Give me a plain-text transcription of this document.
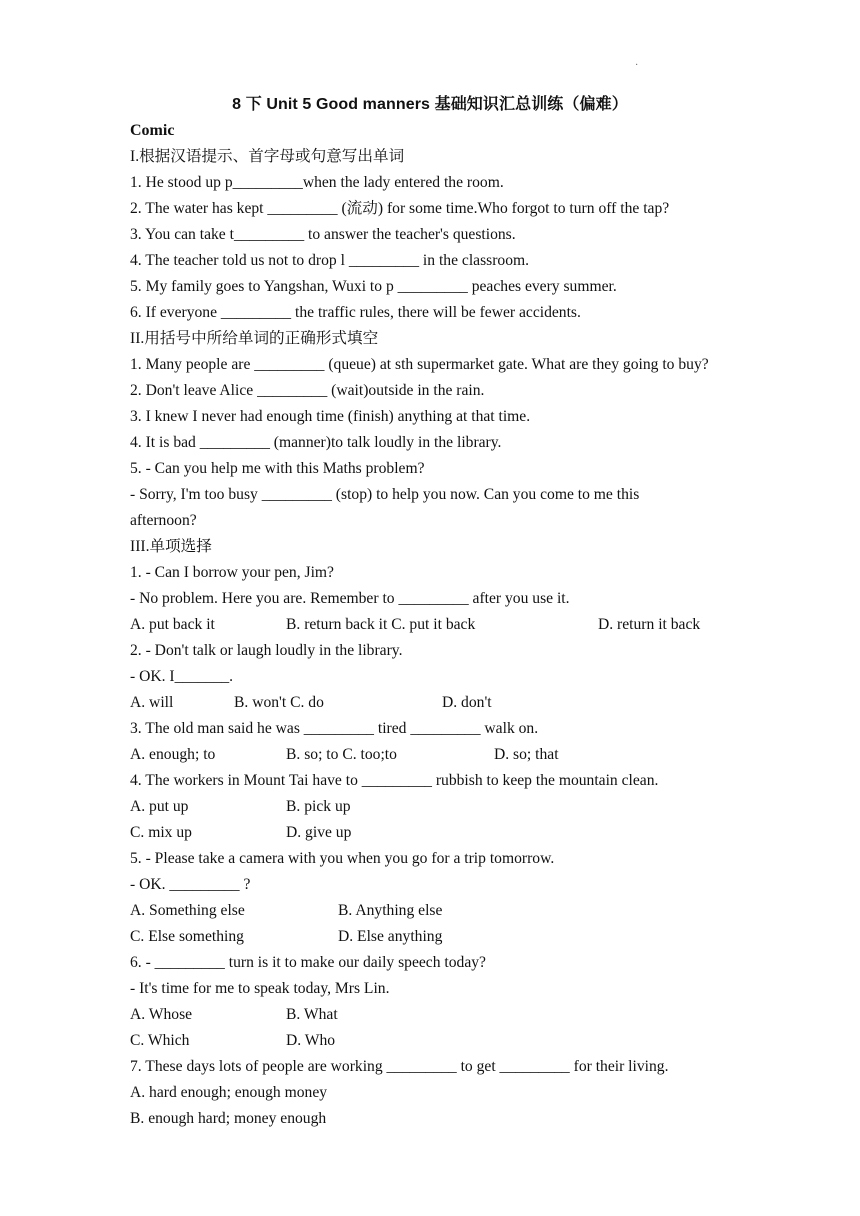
·
8 下 Unit 5 Good manners 基础知识汇总训练（偏难）
Comic
I.根据汉语提示、首字母或句意写出单词
1. He stood up p_________when the lady entered the room.
2. The water has kept _________ (流动) for some time.Who forgot to turn off the tap?
3. You can take t_________ to answer the teacher's questions.
4. The teacher told us not to drop l _________ in the classroom.
5. My family goes to Yangshan, Wuxi to p _________ peaches every summer.
6. If everyone _________ the traffic rules, there will be fewer accidents.
II.用括号中所给单词的正确形式填空
1. Many people are _________ (queue) at sth supermarket gate. What are they going to buy?
2. Don't leave Alice _________ (wait)outside in the rain.
3. I knew I never had enough time (finish) anything at that time.
4. It is bad _________ (manner)to talk loudly in the library.
5. - Can you help me with this Maths problem?
- Sorry, I'm too busy _________ (stop) to help you now. Can you come to me this
afternoon?
III.单项选择
1. - Can I borrow your pen, Jim?
- No problem. Here you are. Remember to _________ after you use it.
A. put back it	B. return back it C. put it back	D. return it back
2. - Don't talk or laugh loudly in the library.
- OK. I_______.
A. will	B. won't C. do	D. don't
3. The old man said he was _________ tired _________ walk on.
A. enough; to	B. so; to C. too;to	D. so; that
4. The workers in Mount Tai have to _________ rubbish to keep the mountain clean.
A. put up	B. pick up
C. mix up	D. give up
5. - Please take a camera with you when you go for a trip tomorrow.
- OK. _________ ?
A. Something else	B. Anything else
C. Else something	D. Else anything
6. - _________ turn is it to make our daily speech today?
- It's time for me to speak today, Mrs Lin.
A. Whose	B. What
C. Which	D. Who
7. These days lots of people are working _________ to get _________ for their living.
A. hard enough; enough money
B. enough hard; money enough
